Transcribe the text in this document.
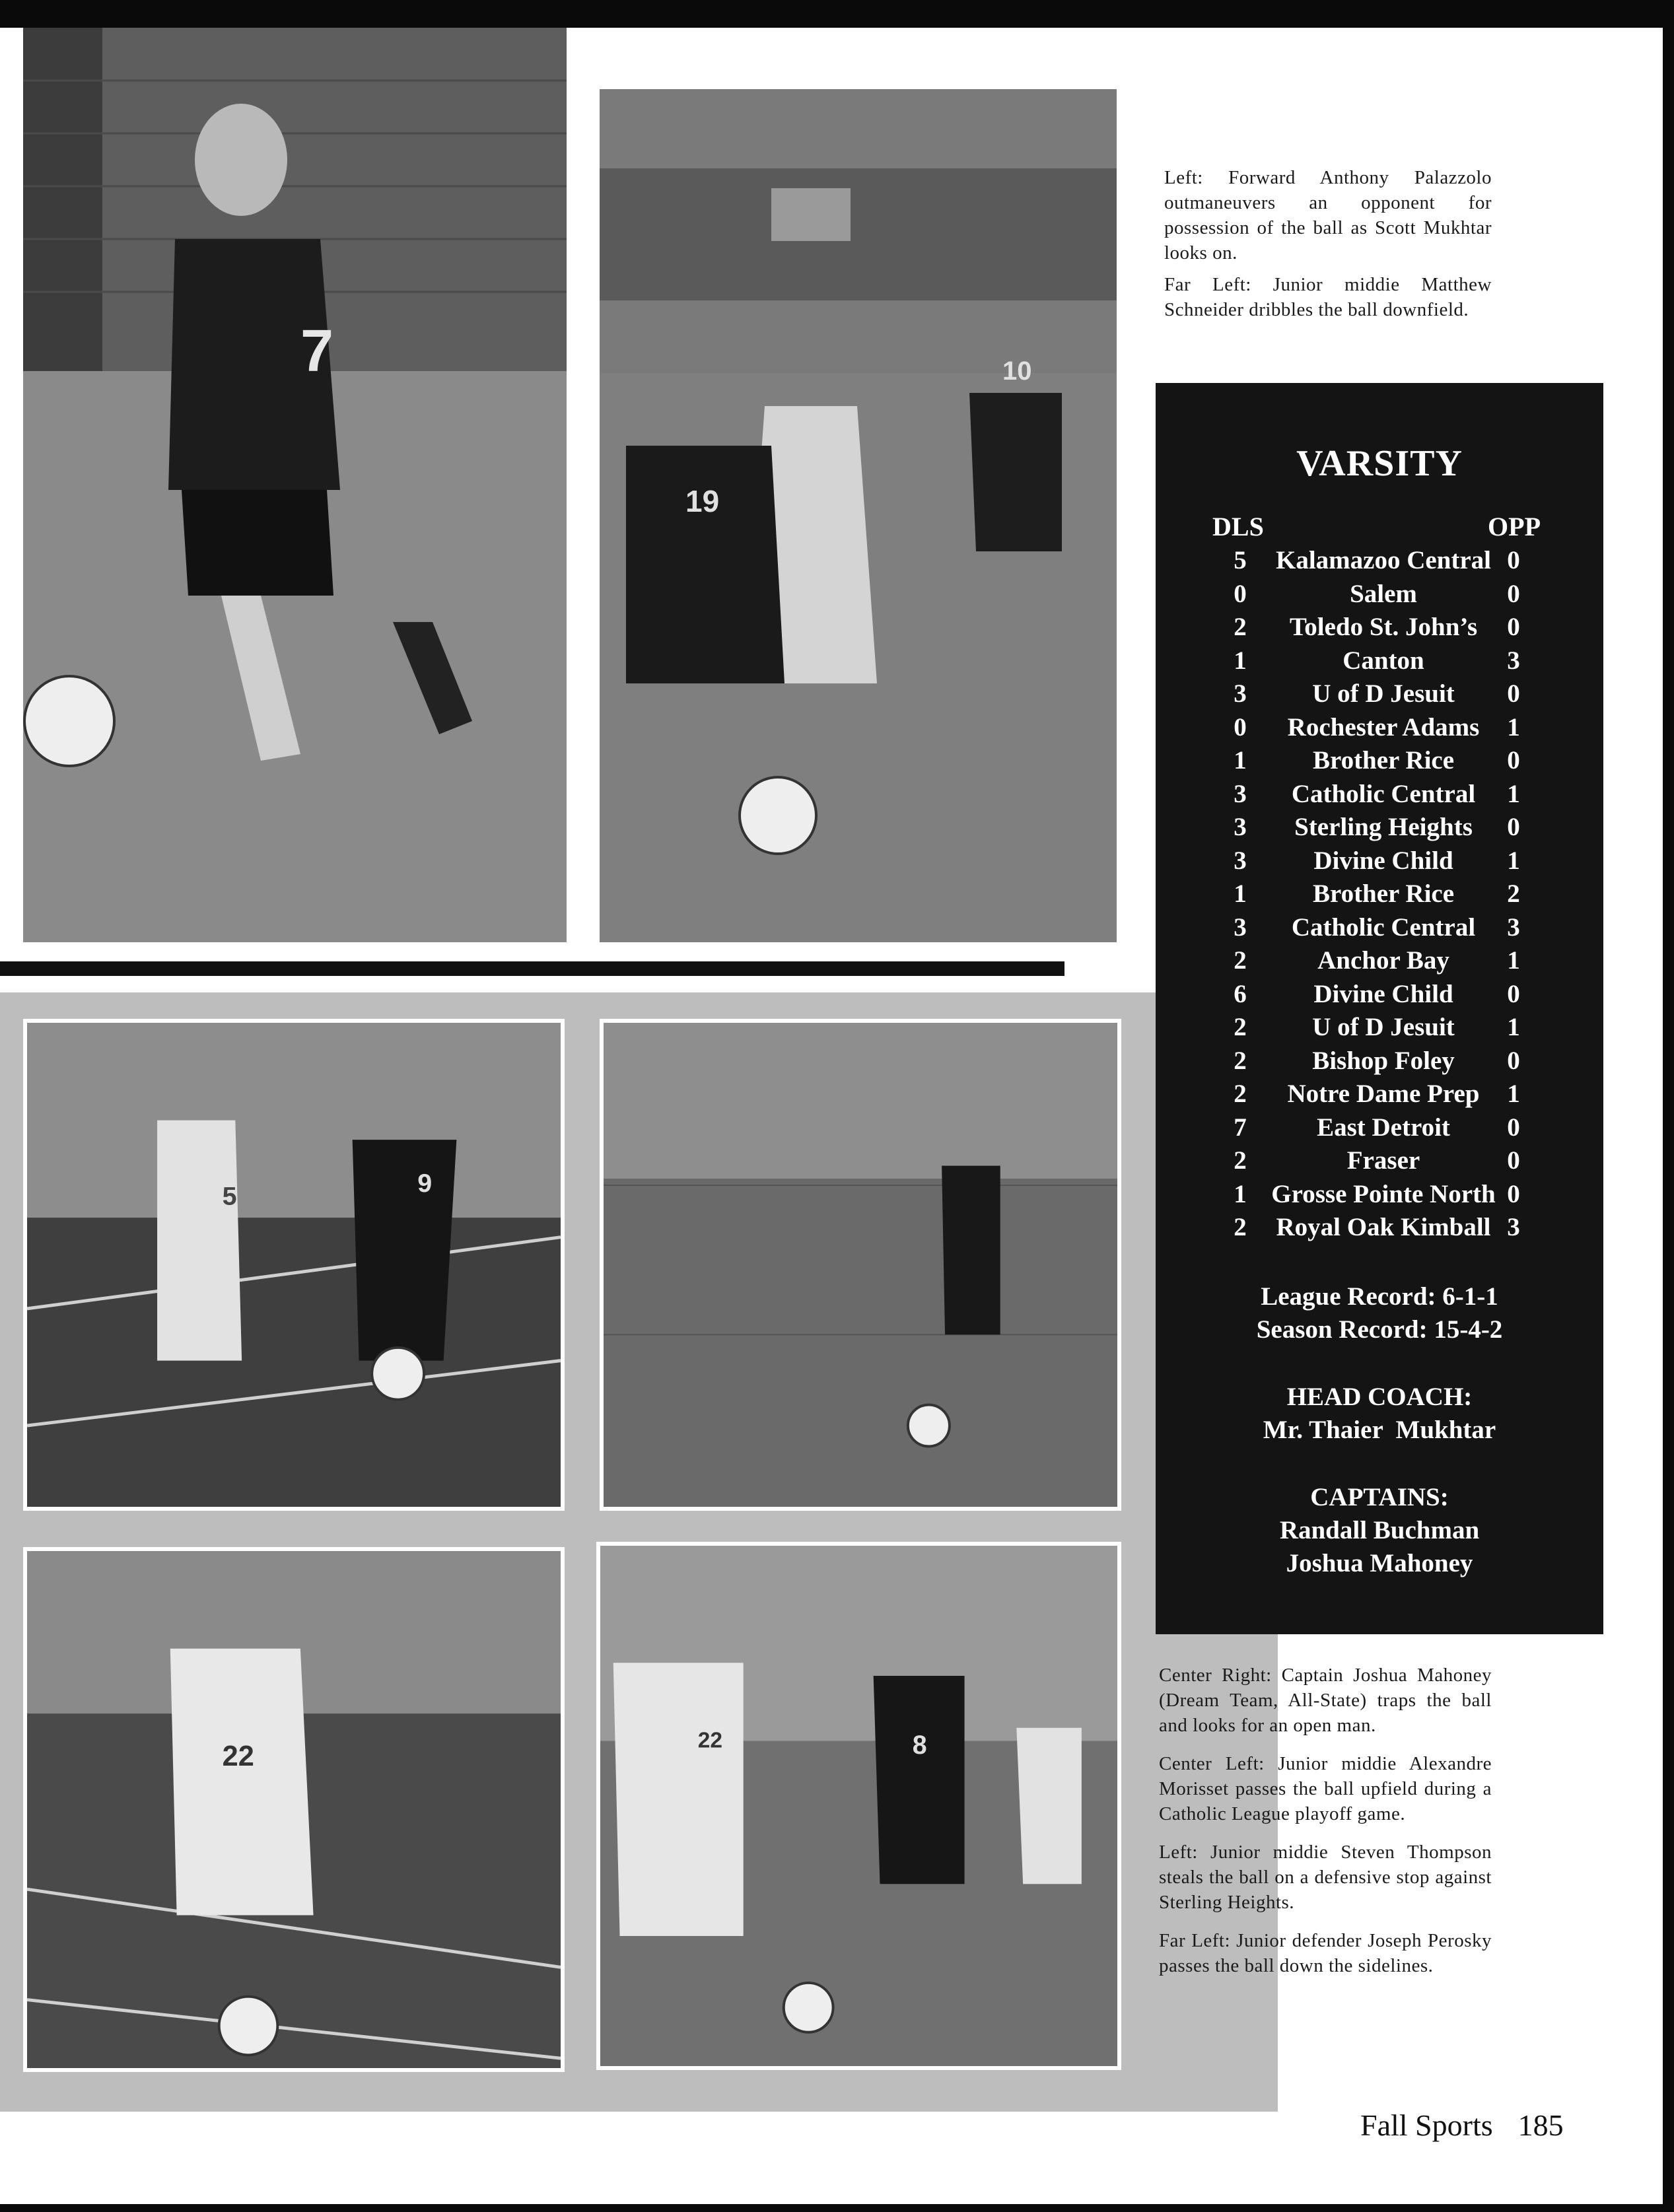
7
19
10

Left: Forward Anthony Palazzolo outmaneuvers an opponent for possession of the ball as Scott Mukhtar looks on.

Far Left: Junior middie Matthew Schneider dribbles the ball downfield.

5	9
22
22	8
VARSITY
DLS	OPP
5	Kalamazoo Central 0
0	Salem	0
2	Toledo St. John’s	0
1	Canton	3
3	U of D Jesuit	0
0	Rochester Adams	1
1	Brother Rice	0
3	Catholic Central	1
3	Sterling Heights	0
3	Divine Child	1
1	Brother Rice	2
3	Catholic Central	3
2	Anchor Bay	1
6	Divine Child	0
2	U of D Jesuit	1
2	Bishop Foley	0
2	Notre Dame Prep	1
7	East Detroit	0
2	Fraser	0
1 Grosse Pointe North 0
2	Royal Oak Kimball 3
League Record: 6-1-1
Season Record: 15-4-2
HEAD COACH:
Mr. Thaier  Mukhtar
CAPTAINS:
Randall Buchman
Joshua Mahoney

Center Right: Captain Joshua Mahoney (Dream Team, All-State) traps the ball and looks for an open man.

Center Left: Junior middie Alexandre Morisset passes the ball upfield during a Catholic League playoff game.

Left: Junior middie Steven Thompson steals the ball on a defensive stop against Sterling Heights.

Far Left: Junior defender Joseph Perosky passes the ball down the sidelines.

Fall Sports 185
